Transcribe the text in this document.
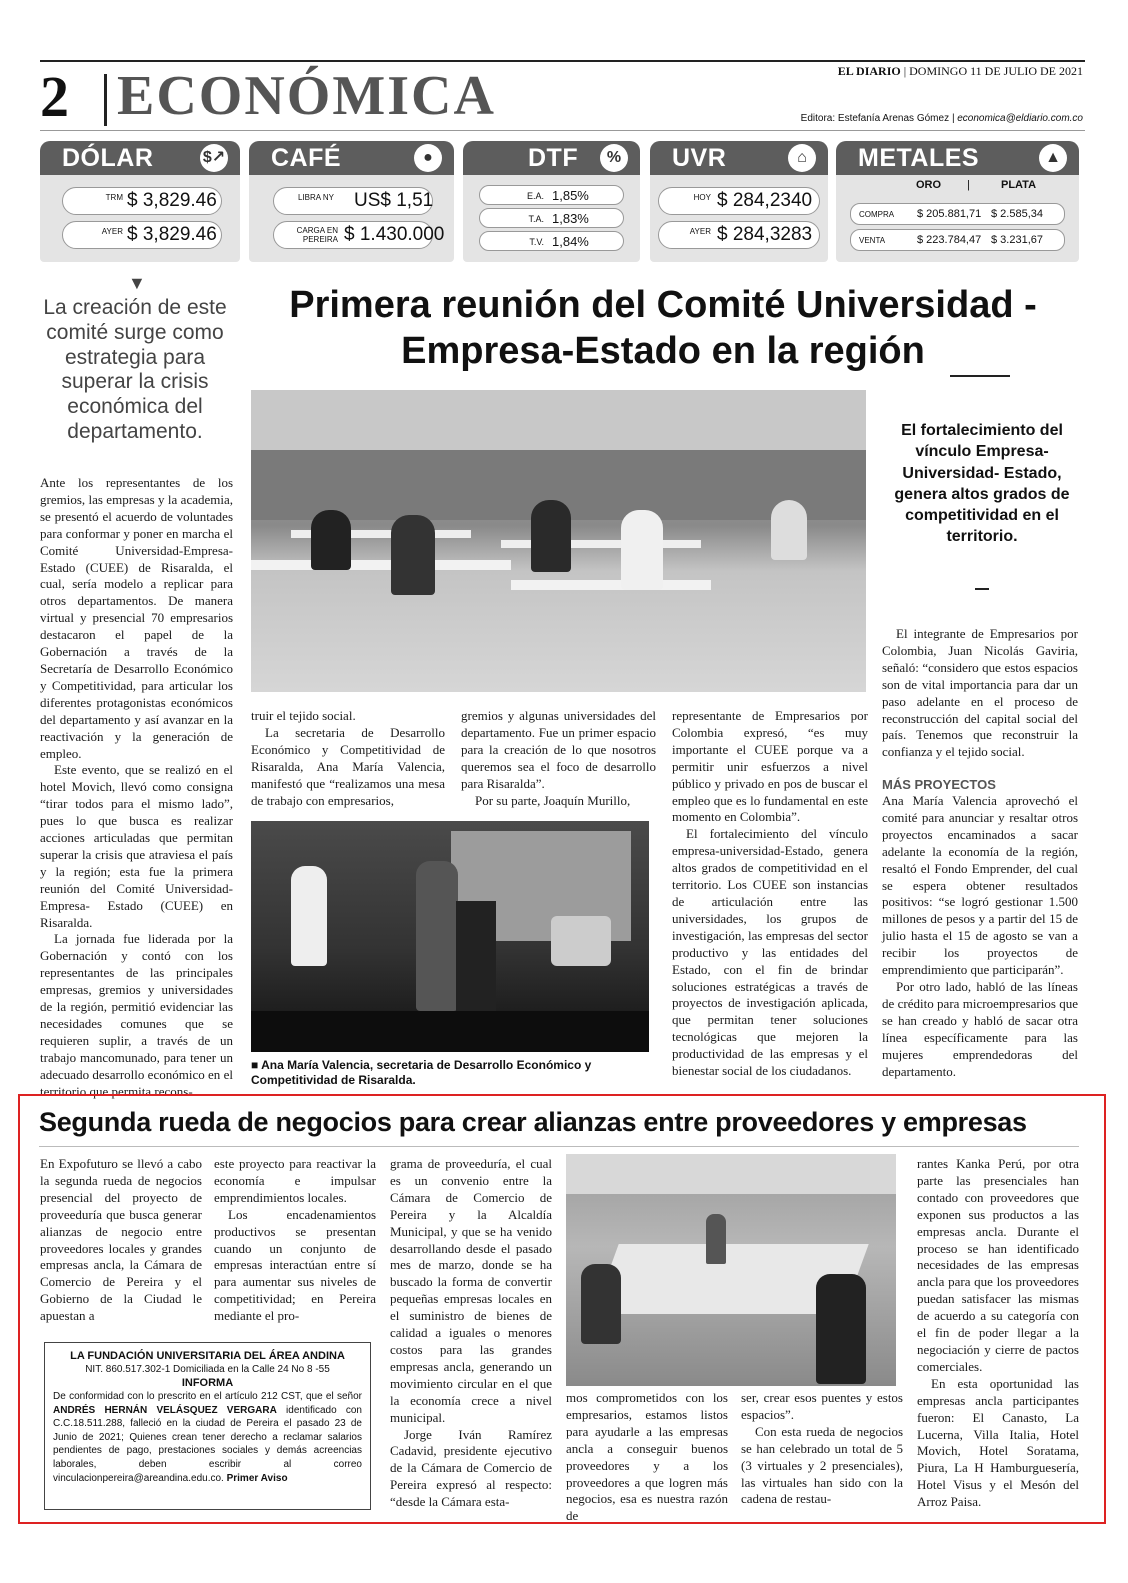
2 ECONÓMICA	EL DIARIO | DOMINGO 11 DE JULIO DE 2021
Editora: Estefanía Arenas Gómez | economica@eldiario.com.co
DÓLAR	$↗
TRM $ 3,829.46
AYER $ 3,829.46
CAFÉ	●
LIBRA NY US$ 1,51
CARGA EN PEREIRA $ 1.430.000
DTF	%
E.A. 1,85%
T.A. 1,83%
T.V. 1,84%
UVR	⌂
HOY $ 284,2340
AYER $ 284,3283
METALES	▲
ORO |	PLATA
COMPRA $ 205.881,71 $ 2.585,34
VENTA	$ 223.784,47 $ 3.231,67
▼
La creación de este comité surge como estrategia para superar la crisis económica del departamento.
Primera reunión del Comité Universidad -Empresa-Estado en la región
El fortalecimiento del vínculo Empresa-Universidad- Estado, genera altos grados de competitividad en el territorio.

Ante los representantes de los gremios, las empresas y la academia, se presentó el acuerdo de voluntades para conformar y poner en marcha el Comité Universidad-Empresa-Estado (CUEE) de Risaralda, el cual, sería modelo a replicar para otros departamentos. De manera virtual y presencial 70 empresarios destacaron el papel de la Gobernación a través de la Secretaría de Desarrollo Económico y Competitividad, para articular los diferentes protagonistas económicos del departamento y así avanzar en la reactivación y la generación de empleo.

Este evento, que se realizó en el hotel Movich, llevó como consigna “tirar todos para el mismo lado”, pues lo que busca es realizar acciones articuladas que permitan superar la crisis que atraviesa el país y la región; esta fue la primera reunión del Comité Universidad- Empresa- Estado (CUEE) en Risaralda.

La jornada fue liderada por la Gobernación y contó con los representantes de las principales empresas, gremios y universidades de la región, permitió evidenciar las necesidades comunes que se requieren suplir, a través de un trabajo mancomunado, para tener un adecuado desarrollo económico en el territorio que permita recons-

truir el tejido social.

La secretaria de Desarrollo Económico y Competitividad de Risaralda, Ana María Valencia, manifestó que “realizamos una mesa de trabajo con empresarios,

gremios y algunas universidades del departamento. Fue un primer espacio para la creación de lo que nosotros queremos sea el foco de desarrollo para Risaralda”.

Por su parte, Joaquín Murillo,

representante de Empresarios por Colombia expresó, “es muy importante el CUEE porque va a permitir unir esfuerzos a nivel público y privado en pos de buscar el empleo que es lo fundamental en este momento en Colombia”.

El fortalecimiento del vínculo empresa-universidad-Estado, genera altos grados de competitividad en el territorio. Los CUEE son instancias de articulación entre las universidades, los grupos de investigación, las empresas del sector productivo y las entidades del Estado, con el fin de brindar soluciones estratégicas a través de proyectos de investigación aplicada, que permitan tener soluciones tecnológicas que mejoren la productividad de las empresas y el bienestar social de los ciudadanos.

El integrante de Empresarios por Colombia, Juan Nicolás Gaviria, señaló: “considero que estos espacios son de vital importancia para dar un paso adelante en el proceso de reconstrucción del capital social del país. Tenemos que reconstruir la confianza y el tejido social.

MÁS PROYECTOS

Ana María Valencia aprovechó el comité para anunciar y resaltar otros proyectos encaminados a sacar adelante la economía de la región, resaltó el Fondo Emprender, del cual se espera obtener resultados positivos: “se logró gestionar 1.500 millones de pesos y a partir del 15 de julio hasta el 15 de agosto se van a recibir los proyectos de emprendimiento que participarán”.

Por otro lado, habló de las líneas de crédito para microempresarios que se han creado y habló de sacar otra línea específicamente para las mujeres emprendedoras del departamento.

■ Ana María Valencia, secretaria de Desarrollo Económico y Competitividad de Risaralda.
Segunda rueda de negocios para crear alianzas entre proveedores y empresas

En Expofuturo se llevó a cabo la segunda rueda de negocios presencial del proyecto de proveeduría que busca generar alianzas de negocio entre proveedores locales y grandes empresas ancla, la Cámara de Comercio de Pereira y el Gobierno de la Ciudad le apuestan a

este proyecto para reactivar la economía e impulsar emprendimientos locales.

Los encadenamientos productivos se presentan cuando un conjunto de empresas interactúan entre sí para aumentar sus niveles de competitividad; en Pereira mediante el pro-

grama de proveeduría, el cual es un convenio entre la Cámara de Comercio de Pereira y la Alcaldía Municipal, y que se ha venido desarrollando desde el pasado mes de marzo, donde se ha buscado la forma de convertir pequeñas empresas locales en el suministro de bienes de calidad a iguales o menores costos para las grandes empresas ancla, generando un movimiento circular en el que la economía crece a nivel municipal.

Jorge Iván Ramírez Cadavid, presidente ejecutivo de la Cámara de Comercio de Pereira expresó al respecto: “desde la Cámara esta-

mos comprometidos con los empresarios, estamos listos para ayudarle a las empresas ancla a conseguir buenos proveedores y a los proveedores a que logren más negocios, esa es nuestra razón de

ser, crear esos puentes y estos espacios”.

Con esta rueda de negocios se han celebrado un total de 5 (3 virtuales y 2 presenciales), las virtuales han sido con la cadena de restau-

rantes Kanka Perú, por otra parte las presenciales han contado con proveedores que exponen sus productos a las empresas ancla. Durante el proceso se han identificado necesidades de las empresas ancla para que los proveedores puedan satisfacer las mismas de acuerdo a su categoría con el fin de poder llegar a la negociación y cierre de pactos comerciales.

En esta oportunidad las empresas ancla participantes fueron: El Canasto, La Lucerna, Villa Italia, Hotel Movich, Hotel Soratama, Piura, La H Hamburguesería, Hotel Visus y el Mesón del Arroz Paisa.

LA FUNDACIÓN UNIVERSITARIA DEL ÁREA ANDINA
NIT. 860.517.302-1 Domiciliada en la Calle 24 No 8 -55
INFORMA
De conformidad con lo prescrito en el artículo 212 CST, que el señor ANDRÉS HERNÁN VELÁSQUEZ VERGARA identificado con C.C.18.511.288, falleció en la ciudad de Pereira el pasado 23 de Junio de 2021; Quienes crean tener derecho a reclamar salarios pendientes de pago, prestaciones sociales y demás acreencias laborales, deben escribir al correo vinculacionpereira@areandina.edu.co. Primer Aviso
